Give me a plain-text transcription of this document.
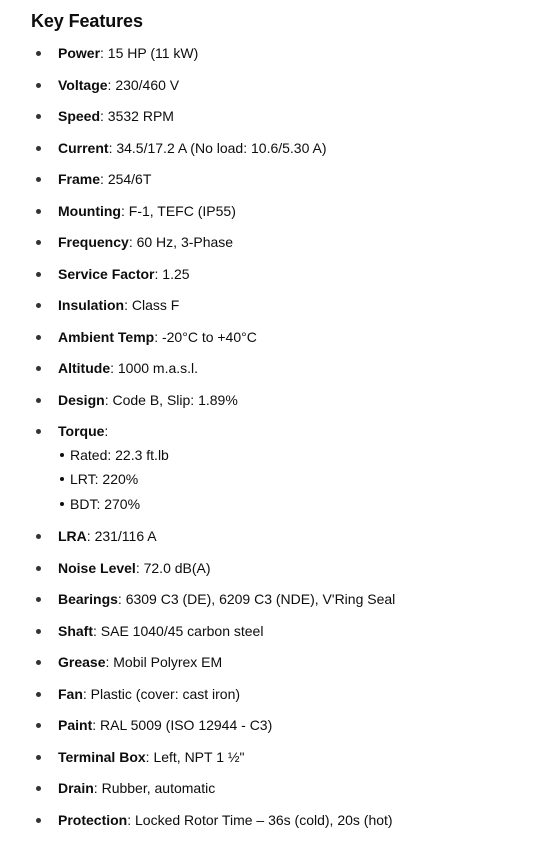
Key Features
Power: 15 HP (11 kW)
Voltage: 230/460 V
Speed: 3532 RPM
Current: 34.5/17.2 A (No load: 10.6/5.30 A)
Frame: 254/6T
Mounting: F-1, TEFC (IP55)
Frequency: 60 Hz, 3-Phase
Service Factor: 1.25
Insulation: Class F
Ambient Temp: -20°C to +40°C
Altitude: 1000 m.a.s.l.
Design: Code B, Slip: 1.89%
Torque:
Rated: 22.3 ft.lb
LRT: 220%
BDT: 270%
LRA: 231/116 A
Noise Level: 72.0 dB(A)
Bearings: 6309 C3 (DE), 6209 C3 (NDE), V'Ring Seal
Shaft: SAE 1040/45 carbon steel
Grease: Mobil Polyrex EM
Fan: Plastic (cover: cast iron)
Paint: RAL 5009 (ISO 12944 - C3)
Terminal Box: Left, NPT 1 ½"
Drain: Rubber, automatic
Protection: Locked Rotor Time – 36s (cold), 20s (hot)
